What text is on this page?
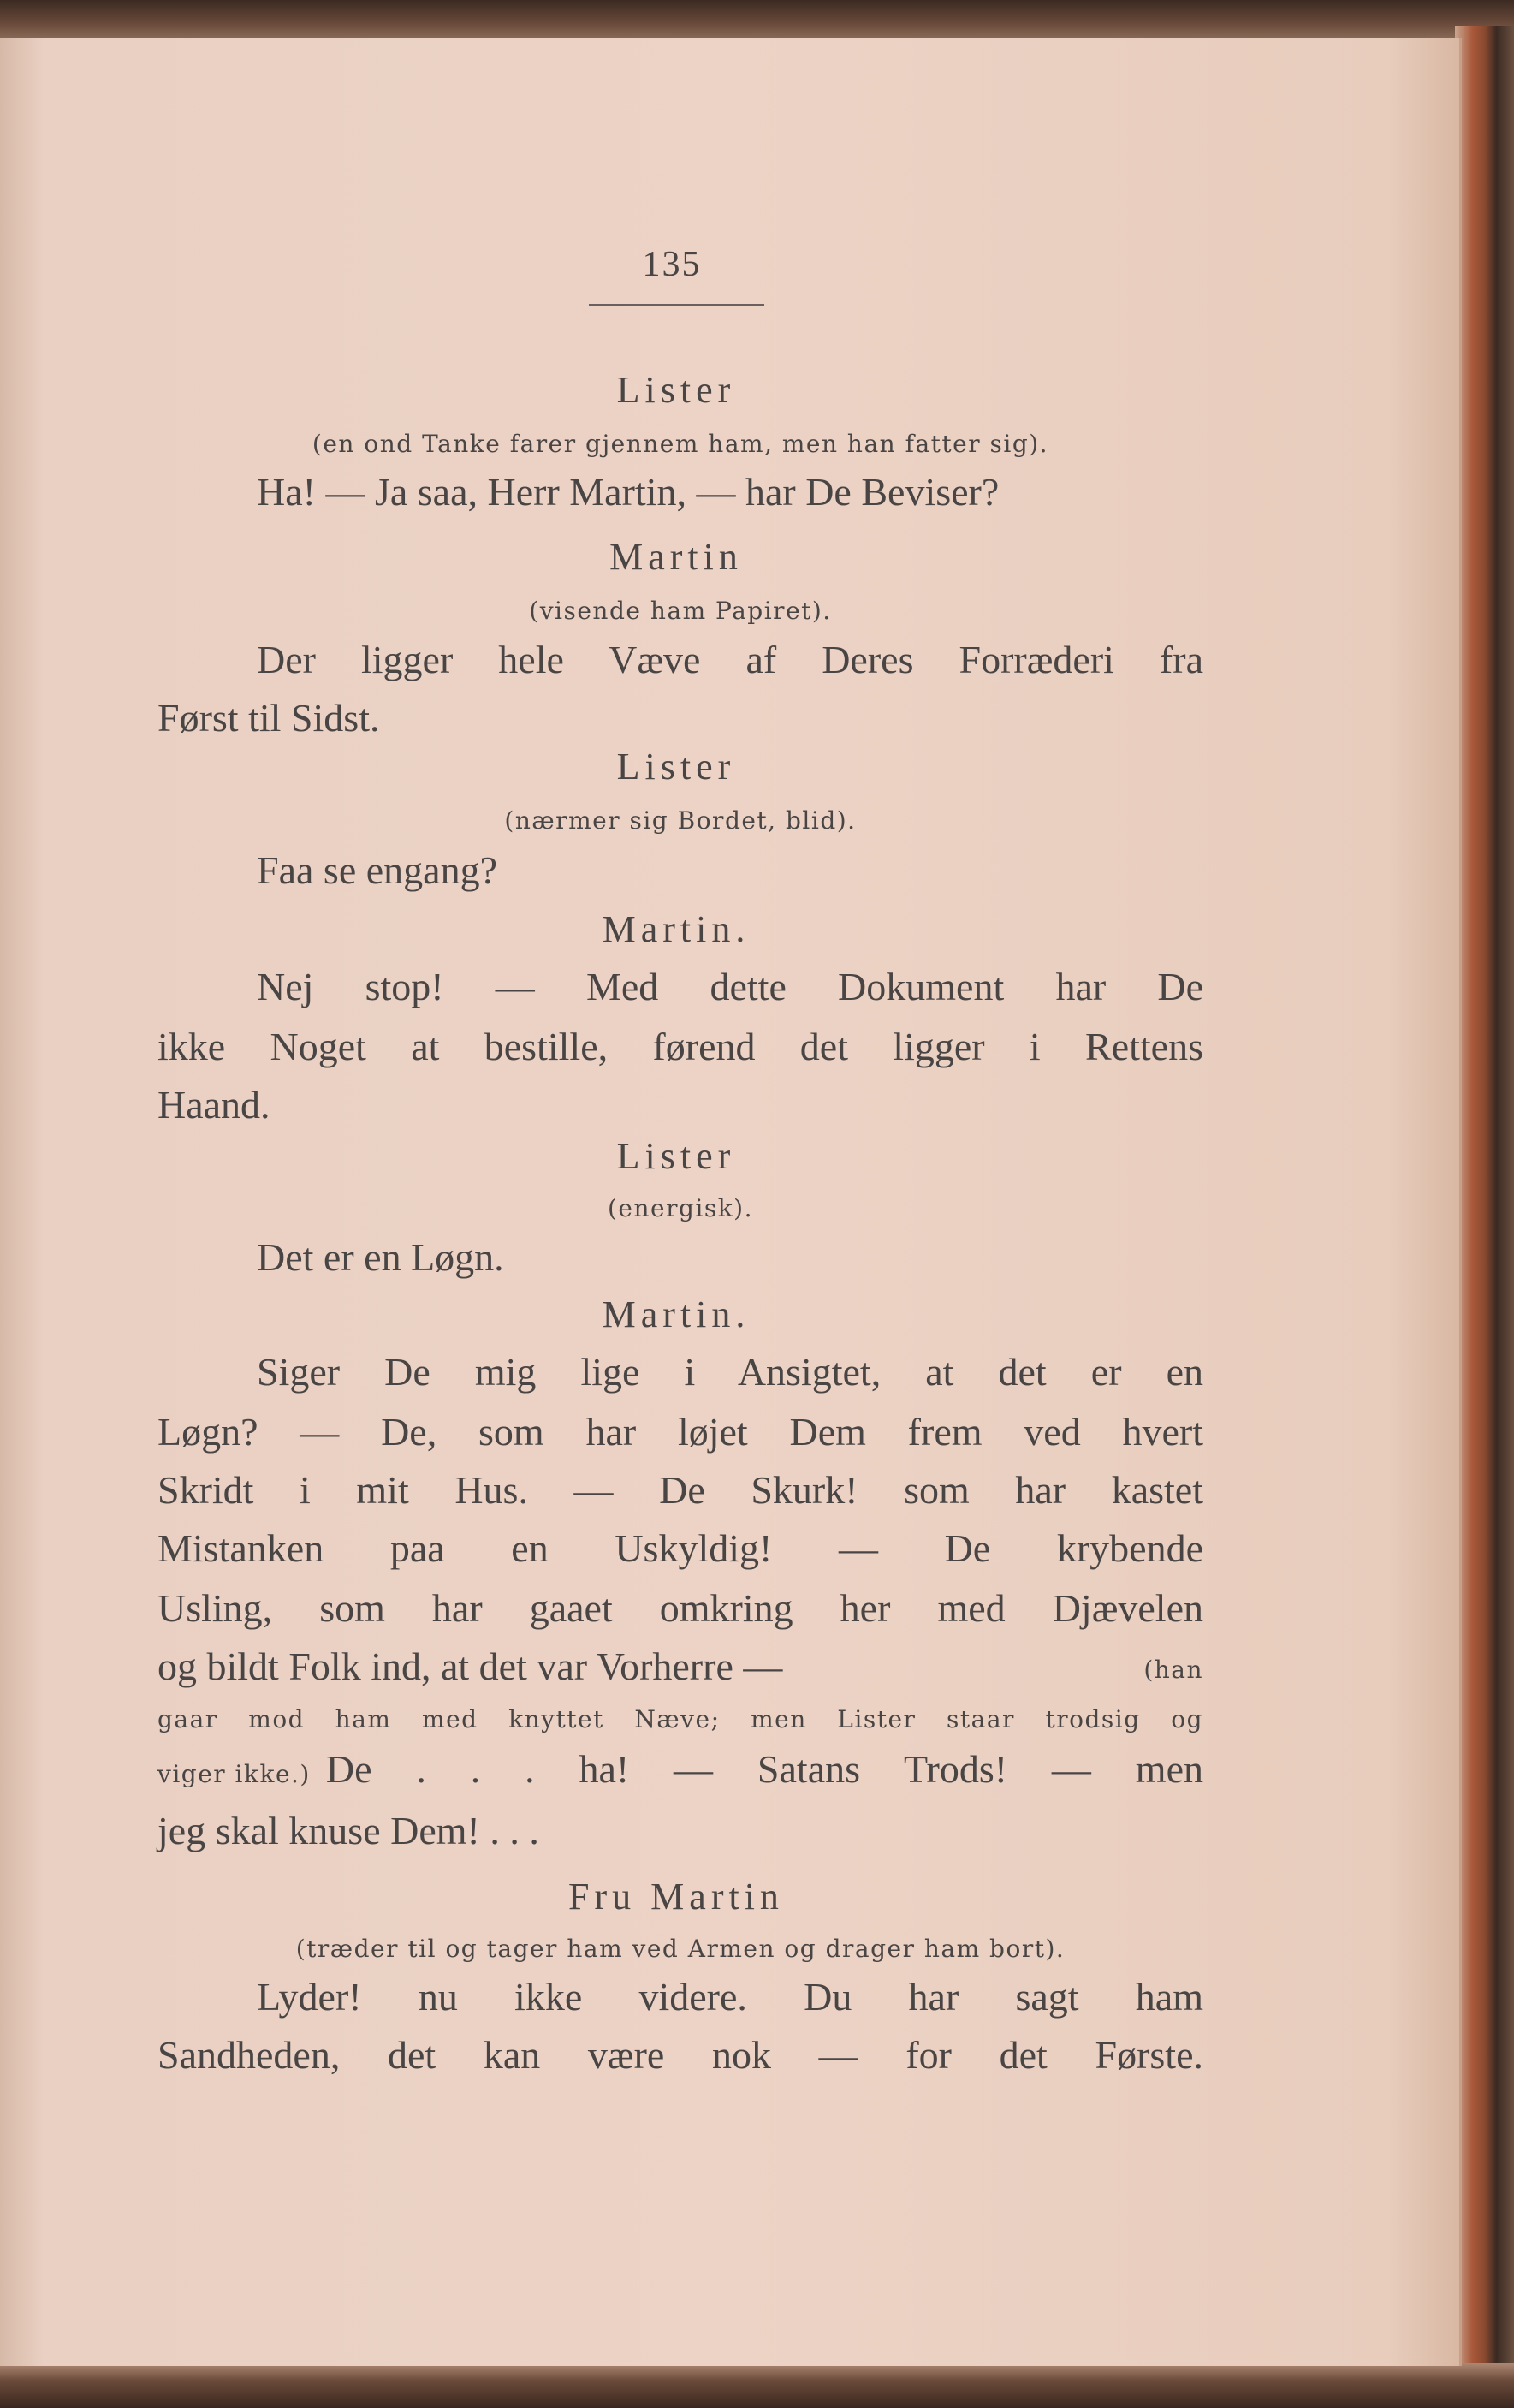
135
Lister
(en ond Tanke farer gjennem ham, men han fatter sig).
Ha! — Ja saa, Herr Martin, — har De Beviser?
Martin
(visende ham Papiret).
Der ligger hele Væve af Deres Forræderi fra
Først til Sidst.
Lister
(nærmer sig Bordet, blid).
Faa se engang?
Martin.
Nej stop! — Med dette Dokument har De
ikke Noget at bestille, førend det ligger i Rettens
Haand.
Lister
(energisk).
Det er en Løgn.
Martin.
Siger De mig lige i Ansigtet, at det er en
Løgn? — De, som har løjet Dem frem ved hvert
Skridt i mit Hus. — De Skurk! som har kastet
Mistanken paa en Uskyldig! — De krybende
Usling, som har gaaet omkring her med Djævelen
og bildt Folk ind, at det var Vorherre —	(han
gaar mod ham med knyttet Næve; men Lister staar trodsig og
viger ikke.) De . . . ha! — Satans Trods! — men
jeg skal knuse Dem! . . .
Fru Martin
(træder til og tager ham ved Armen og drager ham bort).
Lyder! nu ikke videre. Du har sagt ham
Sandheden, det kan være nok — for det Første.
